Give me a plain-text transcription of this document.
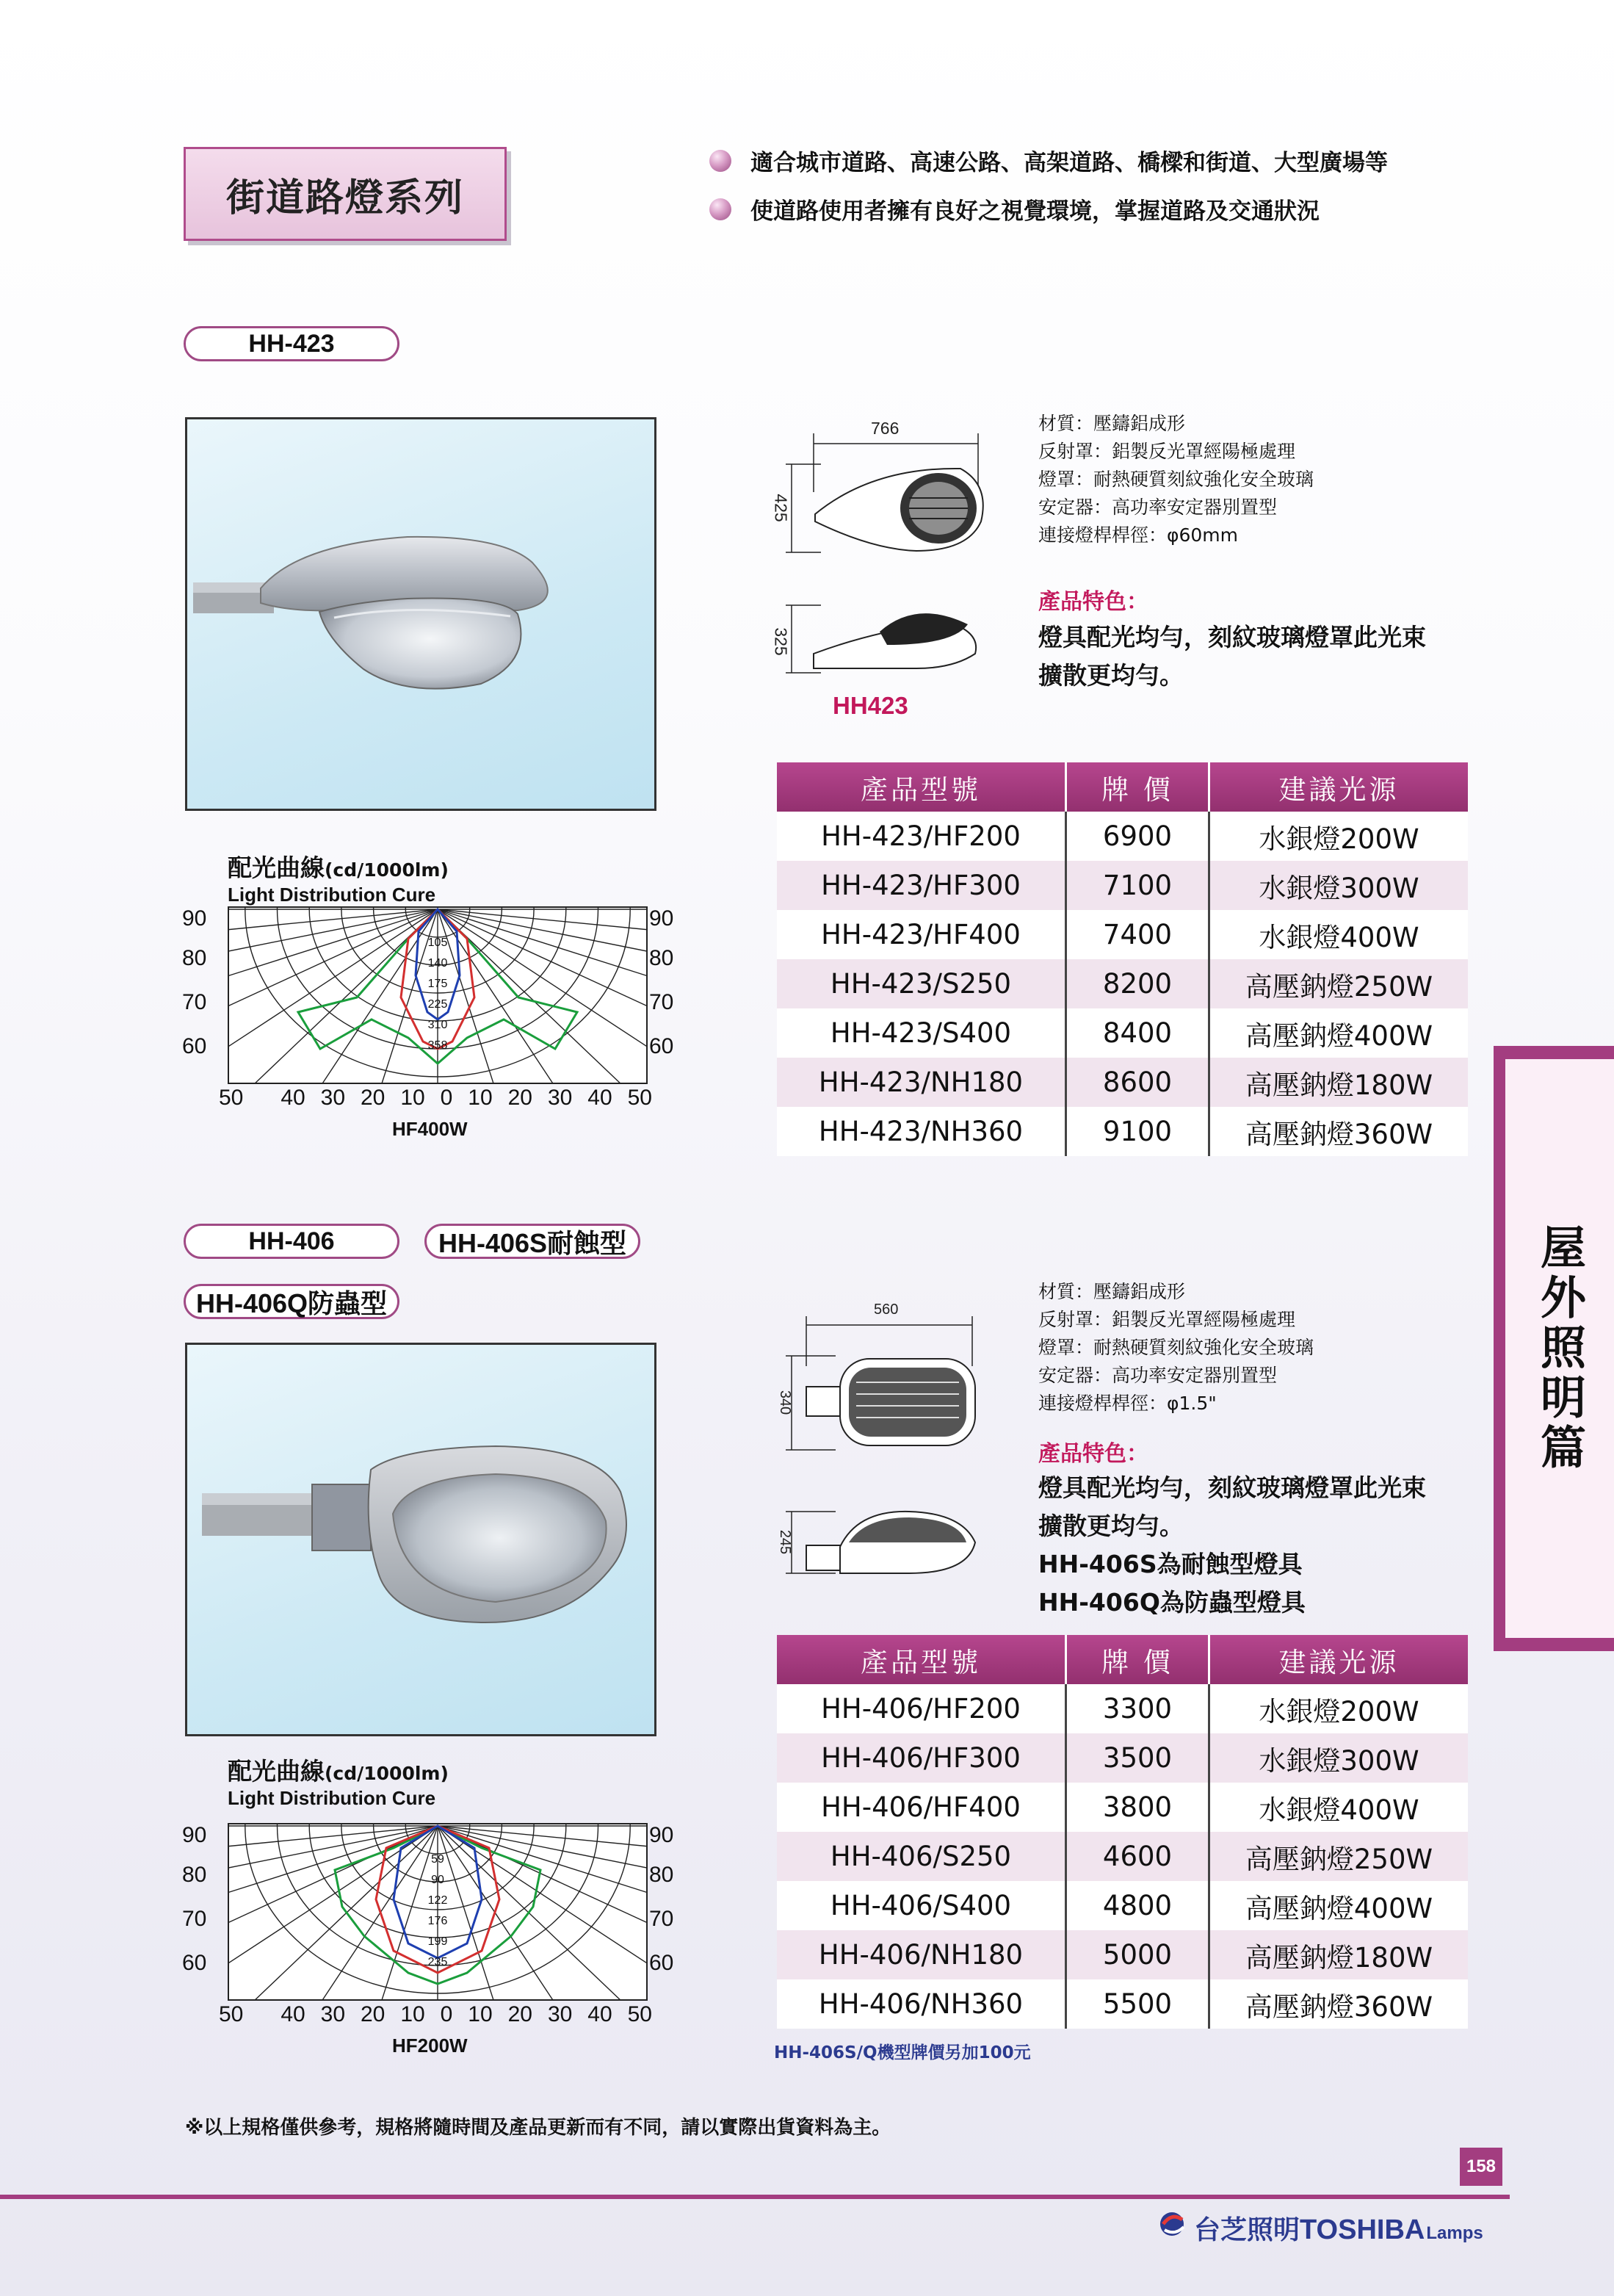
街道路燈系列
適合城市道路、高速公路、高架道路、橋樑和街道、大型廣場等
使道路使用者擁有良好之視覺環境，掌握道路及交通狀況
HH-423
766
425
325
HH423
材質：壓鑄鋁成形
反射罩：鋁製反光罩經陽極處理
燈罩：耐熱硬質刻紋強化安全玻璃
安定器：高功率安定器別置型
連接燈桿桿徑：φ60mm
產品特色：
燈具配光均勻，刻紋玻璃燈罩此光束
擴散更均勻。
產品型號	牌 價	建議光源
HH-423/HF200	6900	水銀燈200W
HH-423/HF300	7100	水銀燈300W
HH-423/HF400	7400	水銀燈400W
HH-423/S250	8200	高壓鈉燈250W
HH-423/S400	8400	高壓鈉燈400W
HH-423/NH180	8600	高壓鈉燈180W
HH-423/NH360	9100	高壓鈉燈360W
配光曲線(cd/1000lm)
Light Distribution Cure
105
140
175
225
310
358
90
80
70
60
90
80
70
60
50 40 30 20 10 0 10 20 30 40 50
HF400W
HH-406	HH-406S耐蝕型
HH-406Q防蟲型	560
340
245
材質：壓鑄鋁成形
反射罩：鋁製反光罩經陽極處理
燈罩：耐熱硬質刻紋強化安全玻璃
安定器：高功率安定器別置型
連接燈桿桿徑：φ1.5"
產品特色：
燈具配光均勻，刻紋玻璃燈罩此光束
擴散更均勻。
HH-406S為耐蝕型燈具
HH-406Q為防蟲型燈具
產品型號	牌 價	建議光源
HH-406/HF200	3300	水銀燈200W
HH-406/HF300	3500	水銀燈300W
HH-406/HF400	3800	水銀燈400W
HH-406/S250	4600	高壓鈉燈250W
HH-406/S400	4800	高壓鈉燈400W
HH-406/NH180	5000	高壓鈉燈180W
HH-406/NH360	5500	高壓鈉燈360W
HH-406S/Q機型牌價另加100元
配光曲線(cd/1000lm)
Light Distribution Cure
59
90
122
176
199
235
90
80
70
60
90
80
70
60
50 40 30 20 10 0 10 20 30 40 50
HF200W
屋外照明篇
※以上規格僅供參考，規格將隨時間及產品更新而有不同，請以實際出貨資料為主。
158
台芝照明 TOSHIBA Lamps
